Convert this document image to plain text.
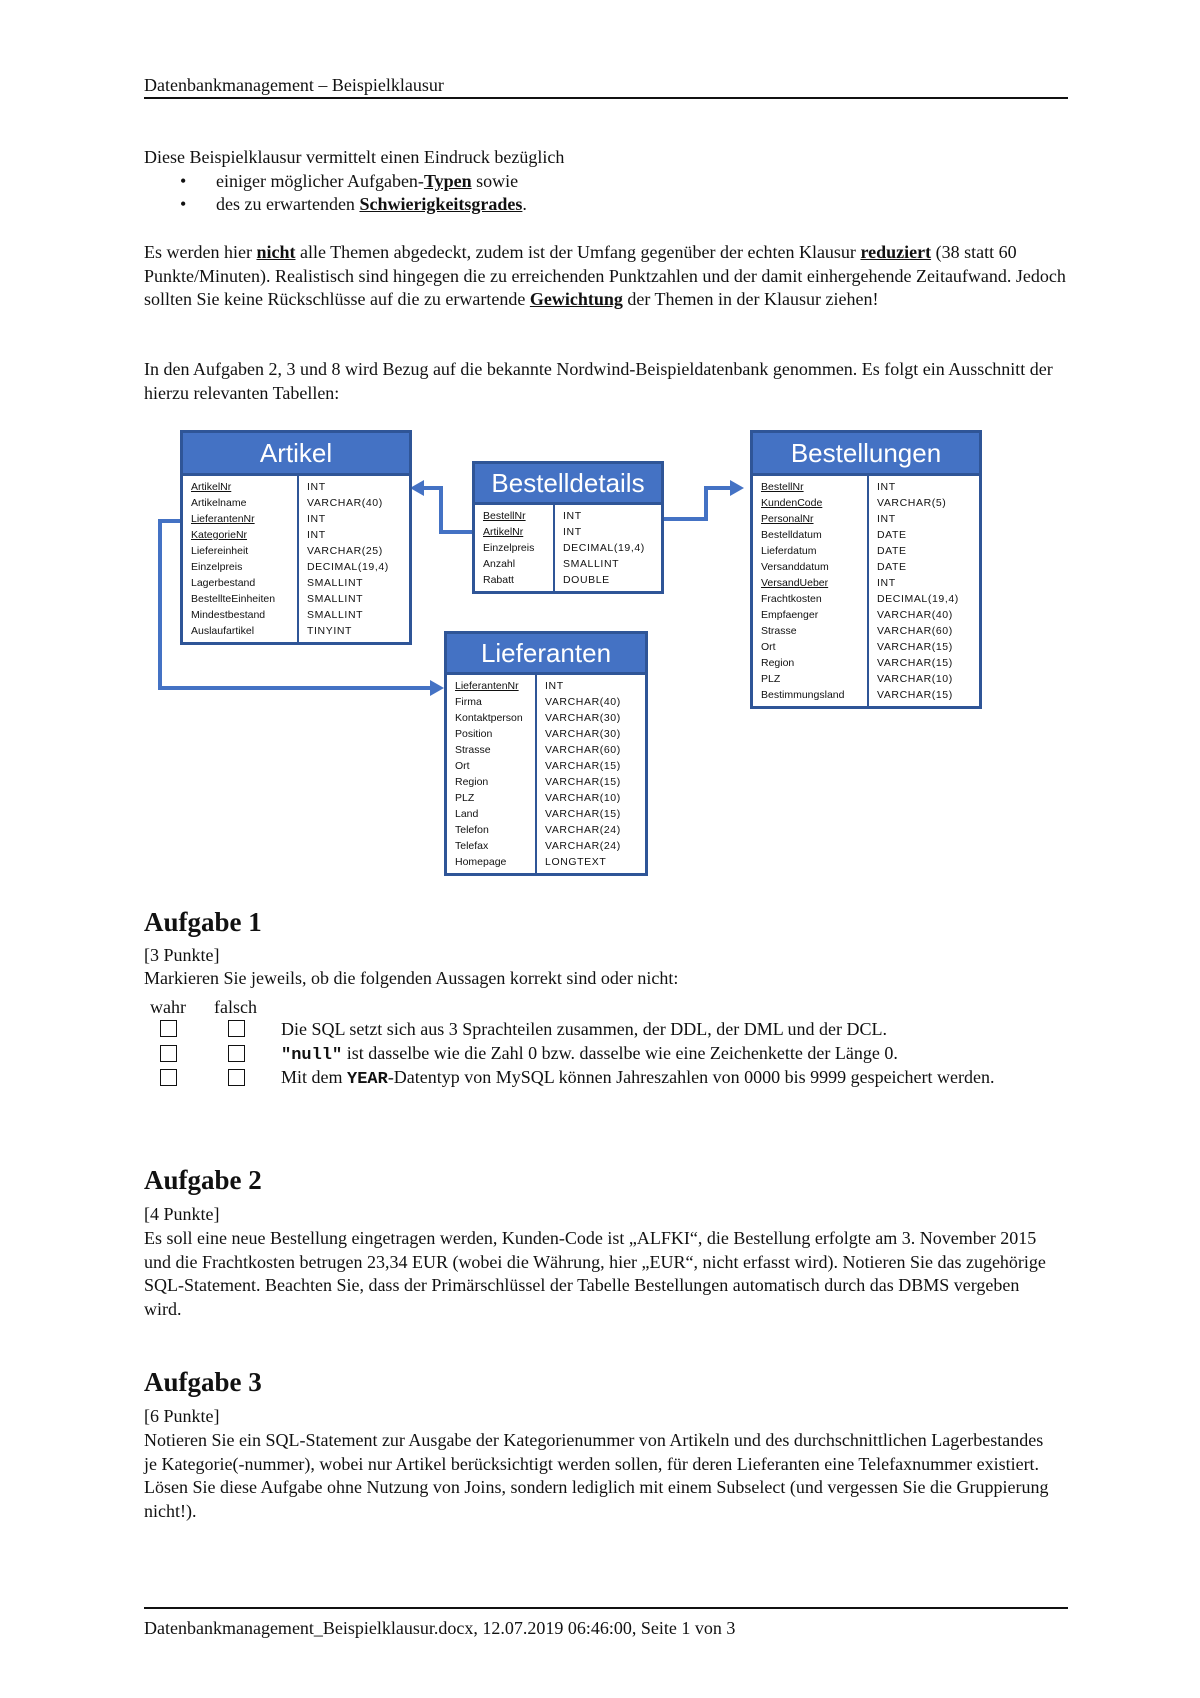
Datenbankmanagement – Beispielklausur

Diese Beispielklausur vermittelt einen Eindruck bezüglich

• einiger möglicher Aufgaben-Typen sowie
• des zu erwartenden Schwierigkeitsgrades.

Es werden hier nicht alle Themen abgedeckt, zudem ist der Umfang gegenüber der echten Klausur reduziert (38 statt 60 Punkte/Minuten). Realistisch sind hingegen die zu erreichenden Punktzahlen und der damit einhergehende Zeitaufwand. Jedoch sollten Sie keine Rückschlüsse auf die zu erwartende Gewichtung der Themen in der Klausur ziehen!

In den Aufgaben 2, 3 und 8 wird Bezug auf die bekannte Nordwind-Beispieldatenbank genommen. Es folgt ein Ausschnitt der hierzu relevanten Tabellen:

Artikel
ArtikelNr
Artikelname
LieferantenNr
KategorieNr
Liefereinheit
Einzelpreis
Lagerbestand
BestellteEinheiten
Mindestbestand
Auslaufartikel
INT
VARCHAR(40)
INT
INT
VARCHAR(25)
DECIMAL(19,4)
SMALLINT
SMALLINT
SMALLINT
TINYINT
Bestelldetails
BestellNr
ArtikelNr
Einzelpreis
Anzahl
Rabatt
INT
INT
DECIMAL(19,4)
SMALLINT
DOUBLE
Bestellungen
BestellNr
KundenCode
PersonalNr
Bestelldatum
Lieferdatum
Versanddatum
VersandUeber
Frachtkosten
Empfaenger
Strasse
Ort
Region
PLZ
Bestimmungsland
INT
VARCHAR(5)
INT
DATE
DATE
DATE
INT
DECIMAL(19,4)
VARCHAR(40)
VARCHAR(60)
VARCHAR(15)
VARCHAR(15)
VARCHAR(10)
VARCHAR(15)
Lieferanten
LieferantenNr
Firma
Kontaktperson
Position
Strasse
Ort
Region
PLZ
Land
Telefon
Telefax
Homepage
INT
VARCHAR(40)
VARCHAR(30)
VARCHAR(30)
VARCHAR(60)
VARCHAR(15)
VARCHAR(15)
VARCHAR(10)
VARCHAR(15)
VARCHAR(24)
VARCHAR(24)
LONGTEXT
Aufgabe 1

[3 Punkte]

Markieren Sie jeweils, ob die folgenden Aussagen korrekt sind oder nicht:

wahr falsch

Die SQL setzt sich aus 3 Sprachteilen zusammen, der DDL, der DML und der DCL.

"null" ist dasselbe wie die Zahl 0 bzw. dasselbe wie eine Zeichenkette der Länge 0.

Mit dem YEAR-Datentyp von MySQL können Jahreszahlen von 0000 bis 9999 gespeichert werden.

Aufgabe 2

[4 Punkte]

Es soll eine neue Bestellung eingetragen werden, Kunden-Code ist „ALFKI“, die Bestellung erfolgte am 3. November 2015 und die Frachtkosten betrugen 23,34 EUR (wobei die Währung, hier „EUR“, nicht erfasst wird). Notieren Sie das zugehörige SQL-Statement. Beachten Sie, dass der Primärschlüssel der Tabelle Bestellungen automatisch durch das DBMS vergeben wird.

Aufgabe 3

[6 Punkte]

Notieren Sie ein SQL-Statement zur Ausgabe der Kategorienummer von Artikeln und des durchschnittlichen Lagerbestandes je Kategorie(-nummer), wobei nur Artikel berücksichtigt werden sollen, für deren Lieferanten eine Telefaxnummer existiert. Lösen Sie diese Aufgabe ohne Nutzung von Joins, sondern lediglich mit einem Subselect (und vergessen Sie die Gruppierung nicht!).

Datenbankmanagement_Beispielklausur.docx, 12.07.2019 06:46:00, Seite 1 von 3
